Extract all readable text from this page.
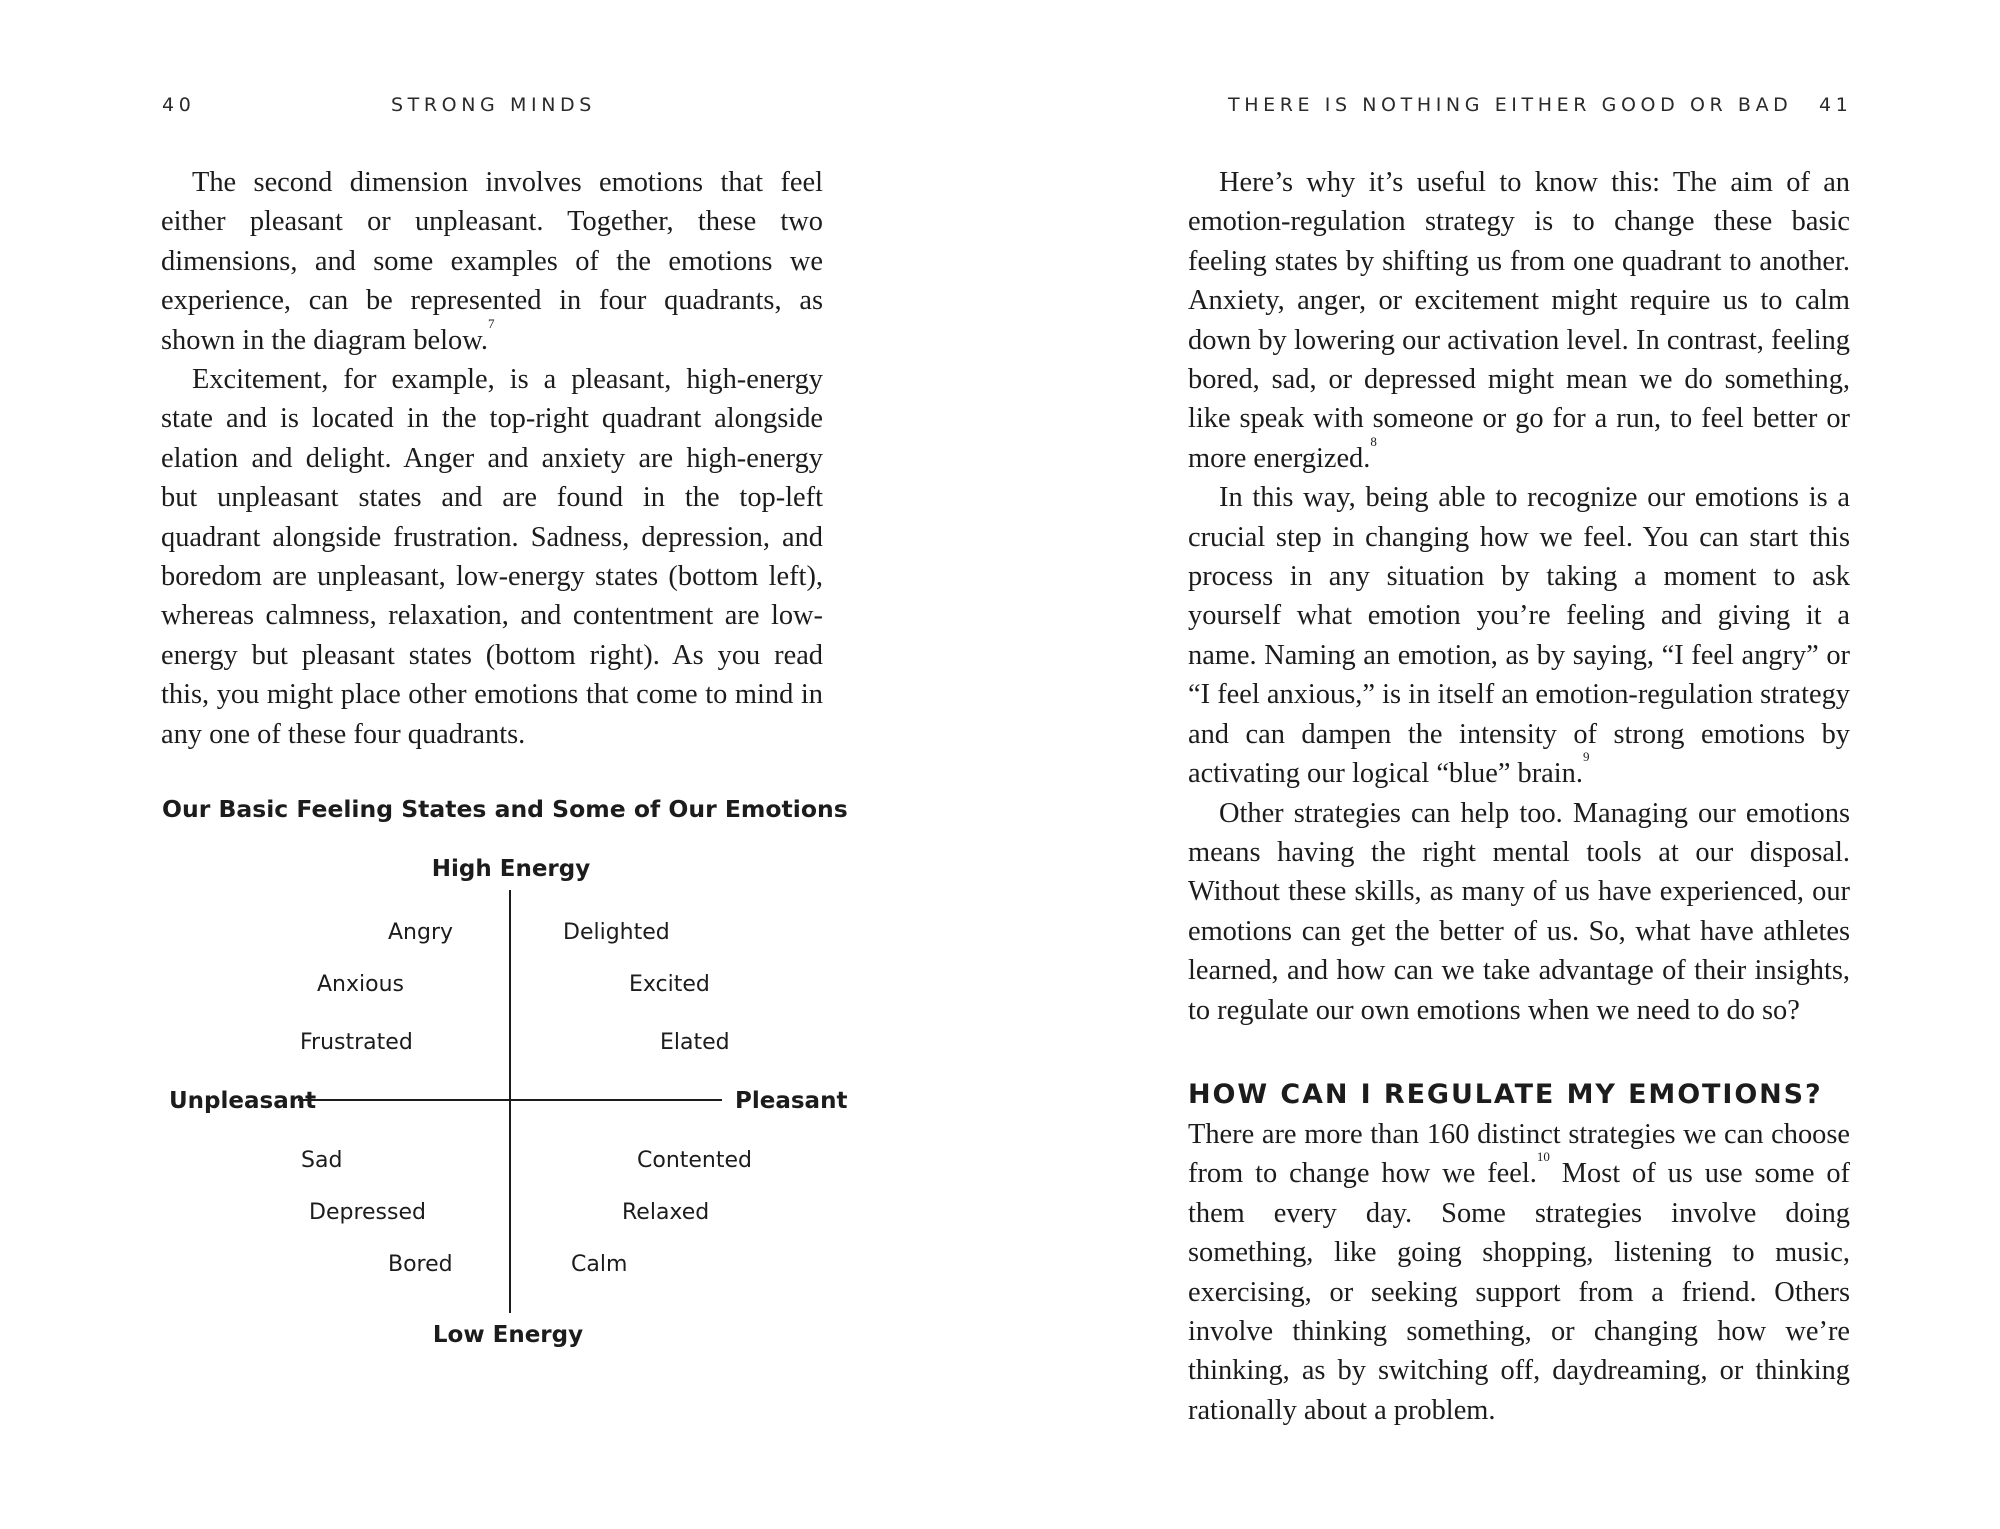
40	STRONG MINDS	THERE IS NOTHING EITHER GOOD OR BAD 41

The second dimension involves emotions that feel either pleasant or unpleasant. Together, these two dimensions, and some examples of the emotions we experience, can be represented in four quadrants, as shown in the diagram below.$^7$

Excitement, for example, is a pleasant, high-energy state and is located in the top-right quadrant alongside elation and delight. Anger and anxiety are high-energy but unpleasant states and are found in the top-left quadrant alongside frustration. Sadness, depression, and boredom are unpleasant, low-energy states (bottom left), whereas calmness, relaxation, and contentment are low-energy but pleasant states (bottom right). As you read this, you might place other emotions that come to mind in any one of these four quadrants.

Our Basic Feeling States and Some of Our Emotions
High Energy
Low Energy
Unpleasant	Pleasant
Angry
Anxious
Frustrated
Delighted
Excited
Elated
Sad
Depressed
Bored
Contented
Relaxed
Calm

Here’s why it’s useful to know this: The aim of an emotion-regulation strategy is to change these basic feeling states by shifting us from one quadrant to another. Anxiety, anger, or excitement might require us to calm down by lowering our activation level. In contrast, feeling bored, sad, or depressed might mean we do something, like speak with someone or go for a run, to feel better or more energized.$^8$

In this way, being able to recognize our emotions is a crucial step in changing how we feel. You can start this process in any situation by taking a moment to ask yourself what emotion you’re feeling and giving it a name. Naming an emotion, as by saying, “I feel angry” or “I feel anxious,” is in itself an emotion-regulation strategy and can dampen the intensity of strong emotions by activating our logical “blue” brain.$^9$

Other strategies can help too. Managing our emotions means having the right mental tools at our disposal. Without these skills, as many of us have experienced, our emotions can get the better of us. So, what have athletes learned, and how can we take advantage of their insights, to regulate our own emotions when we need to do so?

HOW CAN I REGULATE MY EMOTIONS?

There are more than 160 distinct strategies we can choose from to change how we feel.$^{10}$ Most of us use some of them every day. Some strategies involve doing something, like going shopping, listening to music, exercising, or seeking support from a friend. Others involve thinking something, or changing how we’re thinking, as by switching off, daydreaming, or thinking rationally about a problem.
